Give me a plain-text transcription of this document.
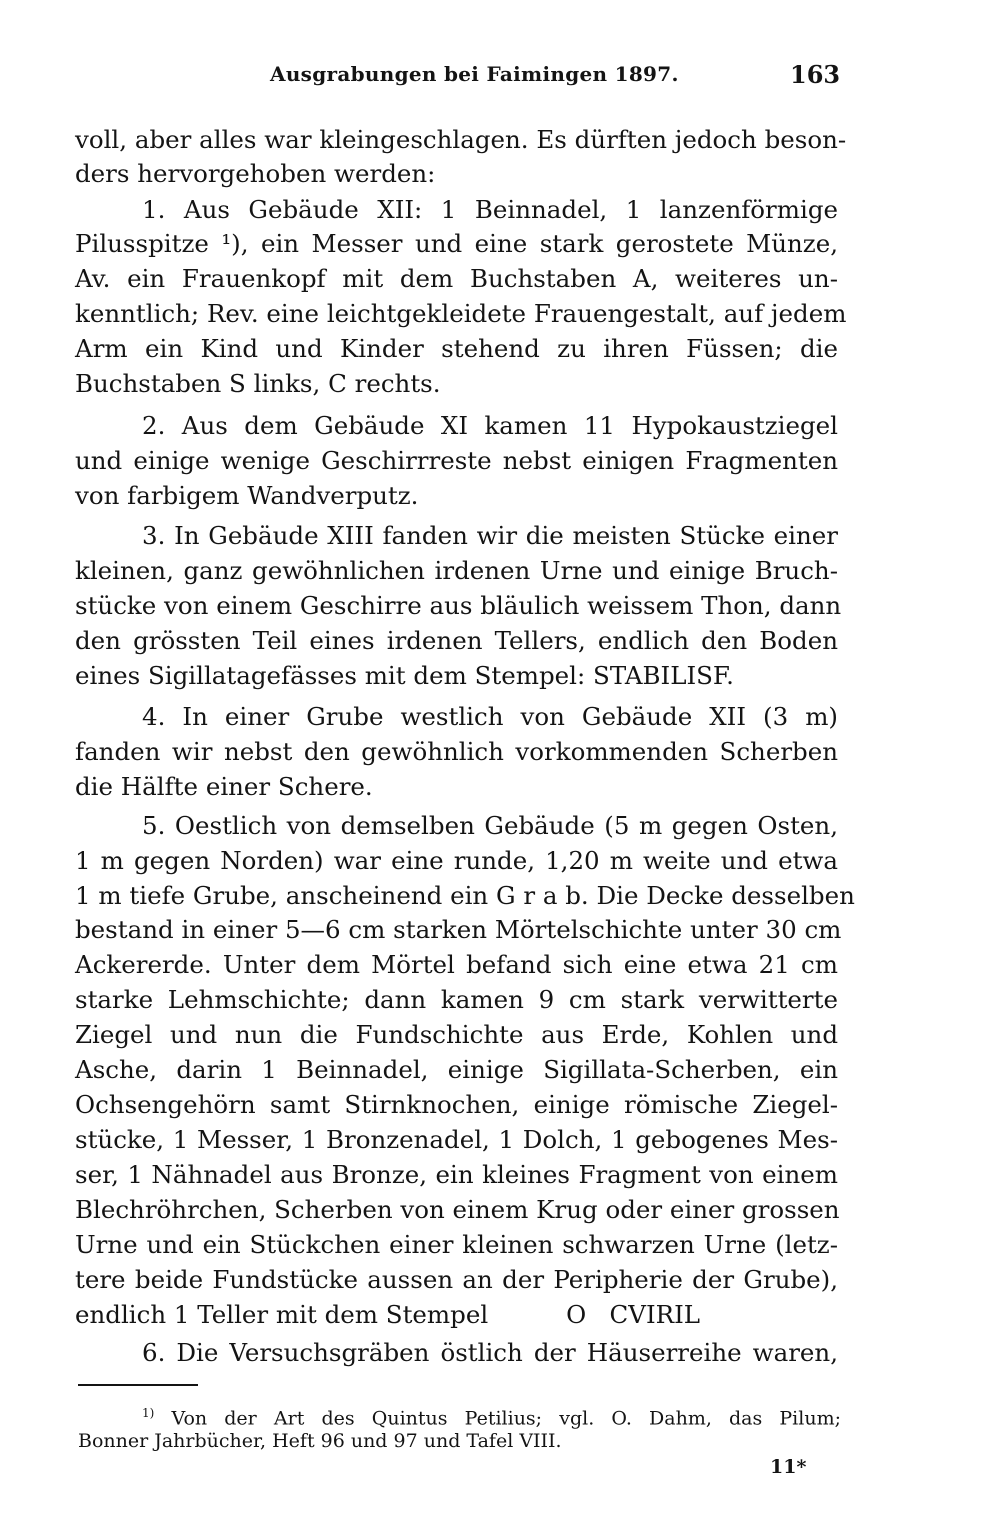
Ausgrabungen bei Faimingen 1897.	163
voll, aber alles war kleingeschlagen. Es dürften jedoch beson-
ders hervorgehoben werden:
1. Aus Gebäude XII: 1 Beinnadel, 1 lanzenförmige
Pilusspitze ¹), ein Messer und eine stark gerostete Münze,
Av. ein Frauenkopf mit dem Buchstaben A, weiteres un-
kenntlich; Rev. eine leichtgekleidete Frauengestalt, auf jedem
Arm ein Kind und Kinder stehend zu ihren Füssen; die
Buchstaben S links, C rechts.
2. Aus dem Gebäude XI kamen 11 Hypokaustziegel
und einige wenige Geschirrreste nebst einigen Fragmenten
von farbigem Wandverputz.
3. In Gebäude XIII fanden wir die meisten Stücke einer
kleinen, ganz gewöhnlichen irdenen Urne und einige Bruch-
stücke von einem Geschirre aus bläulich weissem Thon, dann
den grössten Teil eines irdenen Tellers, endlich den Boden
eines Sigillatagefässes mit dem Stempel: STABILISF.
4. In einer Grube westlich von Gebäude XII (3 m)
fanden wir nebst den gewöhnlich vorkommenden Scherben
die Hälfte einer Schere.
5. Oestlich von demselben Gebäude (5 m gegen Osten,
1 m gegen Norden) war eine runde, 1,20 m weite und etwa
1 m tiefe Grube, anscheinend ein G r a b. Die Decke desselben
bestand in einer 5—6 cm starken Mörtelschichte unter 30 cm
Ackererde. Unter dem Mörtel befand sich eine etwa 21 cm
starke Lehmschichte; dann kamen 9 cm stark verwitterte
Ziegel und nun die Fundschichte aus Erde, Kohlen und
Asche, darin 1 Beinnadel, einige Sigillata-Scherben, ein
Ochsengehörn samt Stirnknochen, einige römische Ziegel-
stücke, 1 Messer, 1 Bronzenadel, 1 Dolch, 1 gebogenes Mes-
ser, 1 Nähnadel aus Bronze, ein kleines Fragment von einem
Blechröhrchen, Scherben von einem Krug oder einer grossen
Urne und ein Stückchen einer kleinen schwarzen Urne (letz-
tere beide Fundstücke aussen an der Peripherie der Grube),
endlich 1 Teller mit dem Stempel          O   CVIRIL
6. Die Versuchsgräben östlich der Häuserreihe waren,
$^{1)}$ Von der Art des Quintus Petilius; vgl. O. Dahm, das Pilum;
Bonner Jahrbücher, Heft 96 und 97 und Tafel VIII.
11*
